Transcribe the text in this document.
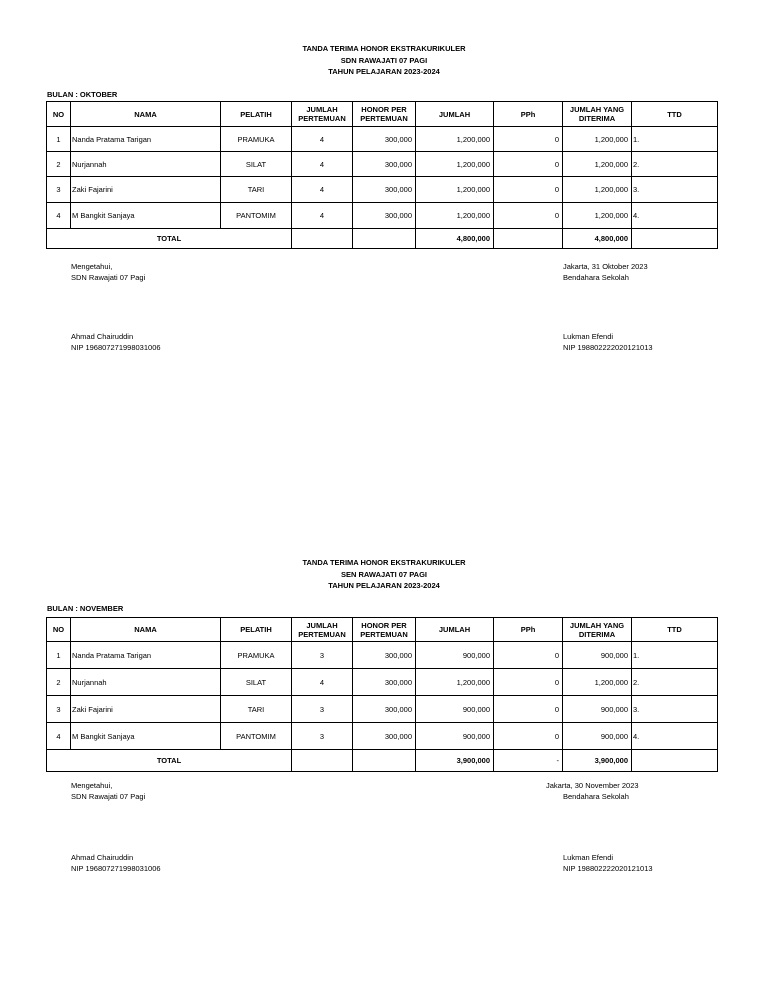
TANDA TERIMA HONOR EKSTRAKURIKULER
SDN RAWAJATI 07 PAGI
TAHUN PELAJARAN 2023-2024
BULAN : OKTOBER
NO	NAMA	PELATIH	JUMLAH PERTEMUAN	HONOR PER PERTEMUAN	JUMLAH	PPh	JUMLAH YANG DITERIMA	TTD
1	Nanda Pratama Tarigan	PRAMUKA	4	300,000	1,200,000	0	1,200,000	1.
2	Nurjannah	SILAT	4	300,000	1,200,000	0	1,200,000	2.
3	Zaki Fajarini	TARI	4	300,000	1,200,000	0	1,200,000	3.
4	M Bangkit Sanjaya	PANTOMIM	4	300,000	1,200,000	0	1,200,000	4.
TOTAL					4,800,000		4,800,000	
Mengetahui,
SDN Rawajati 07 Pagi
Ahmad Chairuddin
NIP 196807271998031006
Jakarta, 31 Oktober 2023
Bendahara Sekolah
Lukman Efendi
NIP 198802222020121013
TANDA TERIMA HONOR EKSTRAKURIKULER
SEN RAWAJATI 07 PAGI
TAHUN PELAJARAN 2023-2024
BULAN : NOVEMBER
NO	NAMA	PELATIH	JUMLAH PERTEMUAN	HONOR PER PERTEMUAN	JUMLAH	PPh	JUMLAH YANG DITERIMA	TTD
1	Nanda Pratama Tarigan	PRAMUKA	3	300,000	900,000	0	900,000	1.
2	Nurjannah	SILAT	4	300,000	1,200,000	0	1,200,000	2.
3	Zaki Fajarini	TARI	3	300,000	900,000	0	900,000	3.
4	M Bangkit Sanjaya	PANTOMIM	3	300,000	900,000	0	900,000	4.
TOTAL					3,900,000	-	3,900,000	
Mengetahui,
SDN Rawajati 07 Pagi
Ahmad Chairuddin
NIP 196807271998031006
Jakarta, 30 November 2023
Bendahara Sekolah
Lukman Efendi
NIP 198802222020121013
